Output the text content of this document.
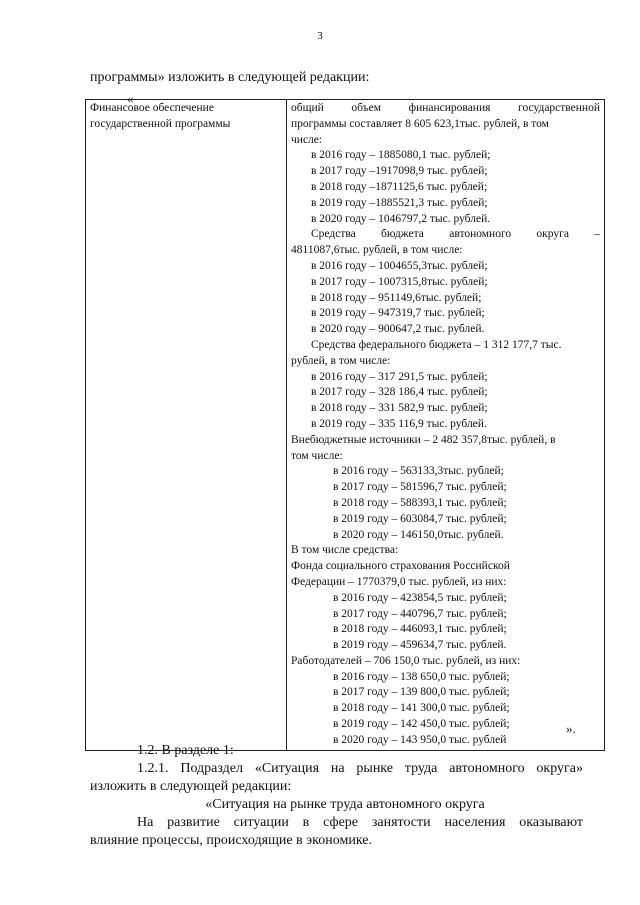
3
программы» изложить в следующей редакции:
«
Финансовое обеспечение
государственной программы

общий объем финансирования государственной
программы составляет 8 605 623,1тыс. рублей, в том
числе:
в 2016 году – 1885080,1 тыс. рублей;
в 2017 году –1917098,9 тыс. рублей;
в 2018 году –1871125,6 тыс. рублей;
в 2019 году –1885521,3 тыс. рублей;
в 2020 году – 1046797,2 тыс. рублей.
Средства бюджета автономного округа –
4811087,6тыс. рублей, в том числе:
в 2016 году – 1004655,3тыс. рублей;
в 2017 году – 1007315,8тыс. рублей;
в 2018 году – 951149,6тыс. рублей;
в 2019 году – 947319,7 тыс. рублей;
в 2020 году – 900647,2 тыс. рублей.
Средства федерального бюджета – 1 312 177,7 тыс.
рублей, в том числе:
в 2016 году – 317 291,5 тыс. рублей;
в 2017 году – 328 186,4 тыс. рублей;
в 2018 году – 331 582,9 тыс. рублей;
в 2019 году – 335 116,9 тыс. рублей.
Внебюджетные источники – 2 482 357,8тыс. рублей, в
том числе:
в 2016 году – 563133,3тыс. рублей;
в 2017 году – 581596,7 тыс. рублей;
в 2018 году – 588393,1 тыс. рублей;
в 2019 году – 603084,7 тыс. рублей;
в 2020 году – 146150,0тыс. рублей.
В том числе средства:
Фонда социального страхования Российской
Федерации – 1770379,0 тыс. рублей, из них:
в 2016 году – 423854,5 тыс. рублей;
в 2017 году – 440796,7 тыс. рублей;
в 2018 году – 446093,1 тыс. рублей;
в 2019 году – 459634,7 тыс. рублей.
Работодателей – 706 150,0 тыс. рублей, из них:
в 2016 году – 138 650,0 тыс. рублей;
в 2017 году – 139 800,0 тыс. рублей;
в 2018 году – 141 300,0 тыс. рублей;
в 2019 году – 142 450,0 тыс. рублей;
в 2020 году – 143 950,0 тыс. рублей
».
1.2. В разделе 1:
1.2.1. Подраздел «Ситуация на рынке труда автономного округа»
изложить в следующей редакции:
«Ситуация на рынке труда автономного округа
На развитие ситуации в сфере занятости населения оказывают
влияние процессы, происходящие в экономике.
